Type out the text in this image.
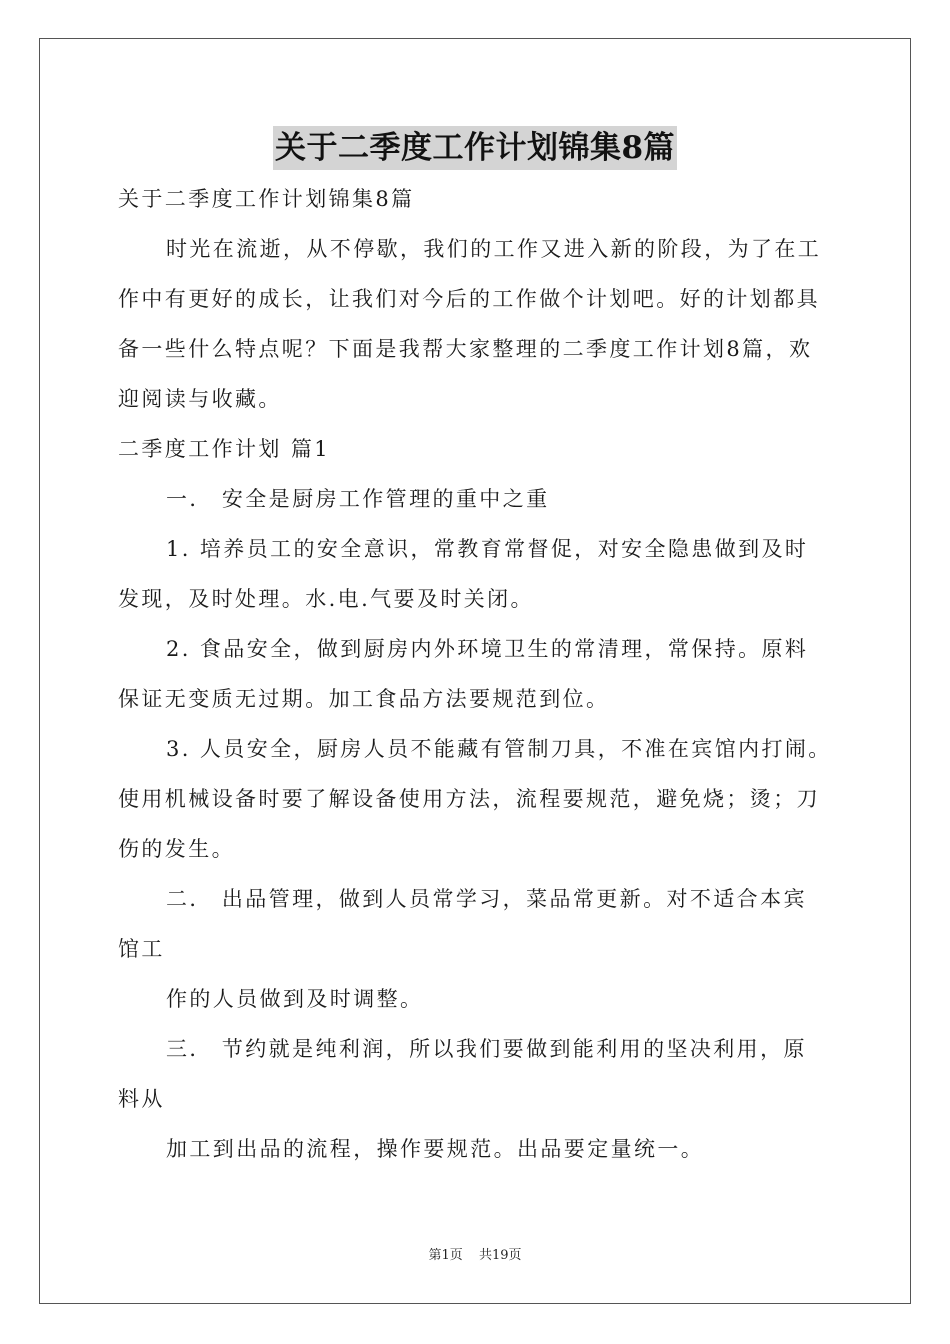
关于二季度工作计划锦集8篇
关于二季度工作计划锦集8篇
时光在流逝，从不停歇，我们的工作又进入新的阶段，为了在工
作中有更好的成长，让我们对今后的工作做个计划吧。好的计划都具
备一些什么特点呢？下面是我帮大家整理的二季度工作计划8篇，欢
迎阅读与收藏。
二季度工作计划 篇1
一． 安全是厨房工作管理的重中之重
1. 培养员工的安全意识，常教育常督促，对安全隐患做到及时
发现，及时处理。水.电.气要及时关闭。
2. 食品安全，做到厨房内外环境卫生的常清理，常保持。原料
保证无变质无过期。加工食品方法要规范到位。
3. 人员安全，厨房人员不能藏有管制刀具，不准在宾馆内打闹。
使用机械设备时要了解设备使用方法，流程要规范，避免烧；烫；刀
伤的发生。
二． 出品管理，做到人员常学习，菜品常更新。对不适合本宾
馆工
作的人员做到及时调整。
三． 节约就是纯利润，所以我们要做到能利用的坚决利用，原
料从
加工到出品的流程，操作要规范。出品要定量统一。
第1页 共19页
